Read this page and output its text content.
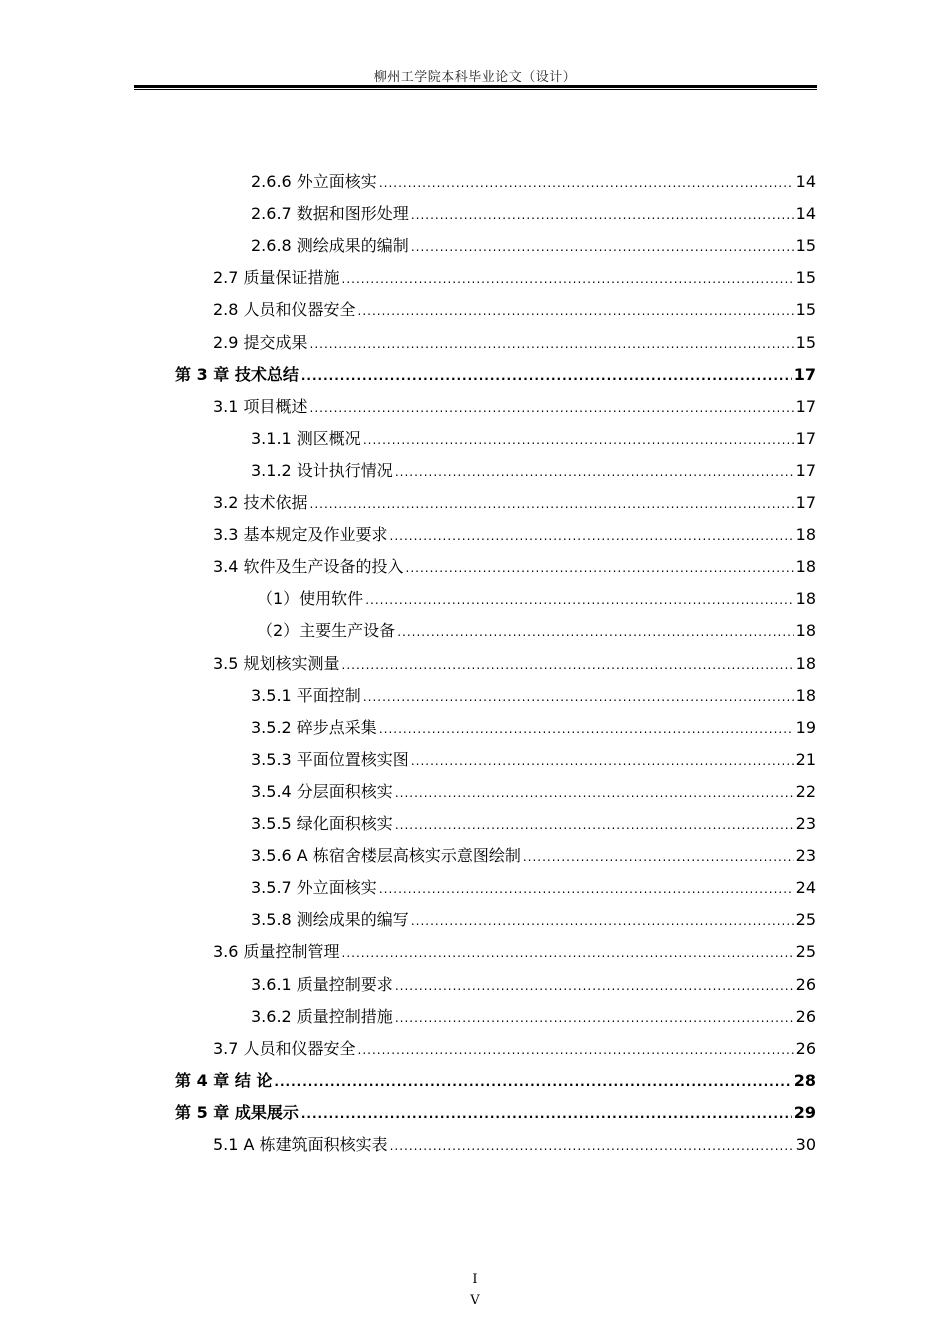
柳州工学院本科毕业论文（设计）
2.6.6 外立面核实 .....	14
2.6.7 数据和图形处理 .....	14
2.6.8 测绘成果的编制 .....	15
2.7 质量保证措施 .....	15
2.8 人员和仪器安全 .....	15
2.9 提交成果 .....	15
第 3 章 技术总结 .....	17
3.1 项目概述 .....	17
3.1.1 测区概况 .....	17
3.1.2 设计执行情况 .....	17
3.2 技术依据 .....	17
3.3 基本规定及作业要求 .....	18
3.4 软件及生产设备的投入 .....	18
（1）使用软件 .....	18
（2）主要生产设备 .....	18
3.5 规划核实测量 .....	18
3.5.1 平面控制 .....	18
3.5.2 碎步点采集 .....	19
3.5.3 平面位置核实图 .....	21
3.5.4 分层面积核实 .....	22
3.5.5 绿化面积核实 .....	23
3.5.6 A 栋宿舍楼层高核实示意图绘制 .....	23
3.5.7 外立面核实 .....	24
3.5.8 测绘成果的编写 .....	25
3.6 质量控制管理 .....	25
3.6.1 质量控制要求 .....	26
3.6.2 质量控制措施 .....	26
3.7 人员和仪器安全 .....	26
第 4 章 结 论 .....	28
第 5 章 成果展示 .....	29
5.1 A 栋建筑面积核实表 .....	30
I
V
